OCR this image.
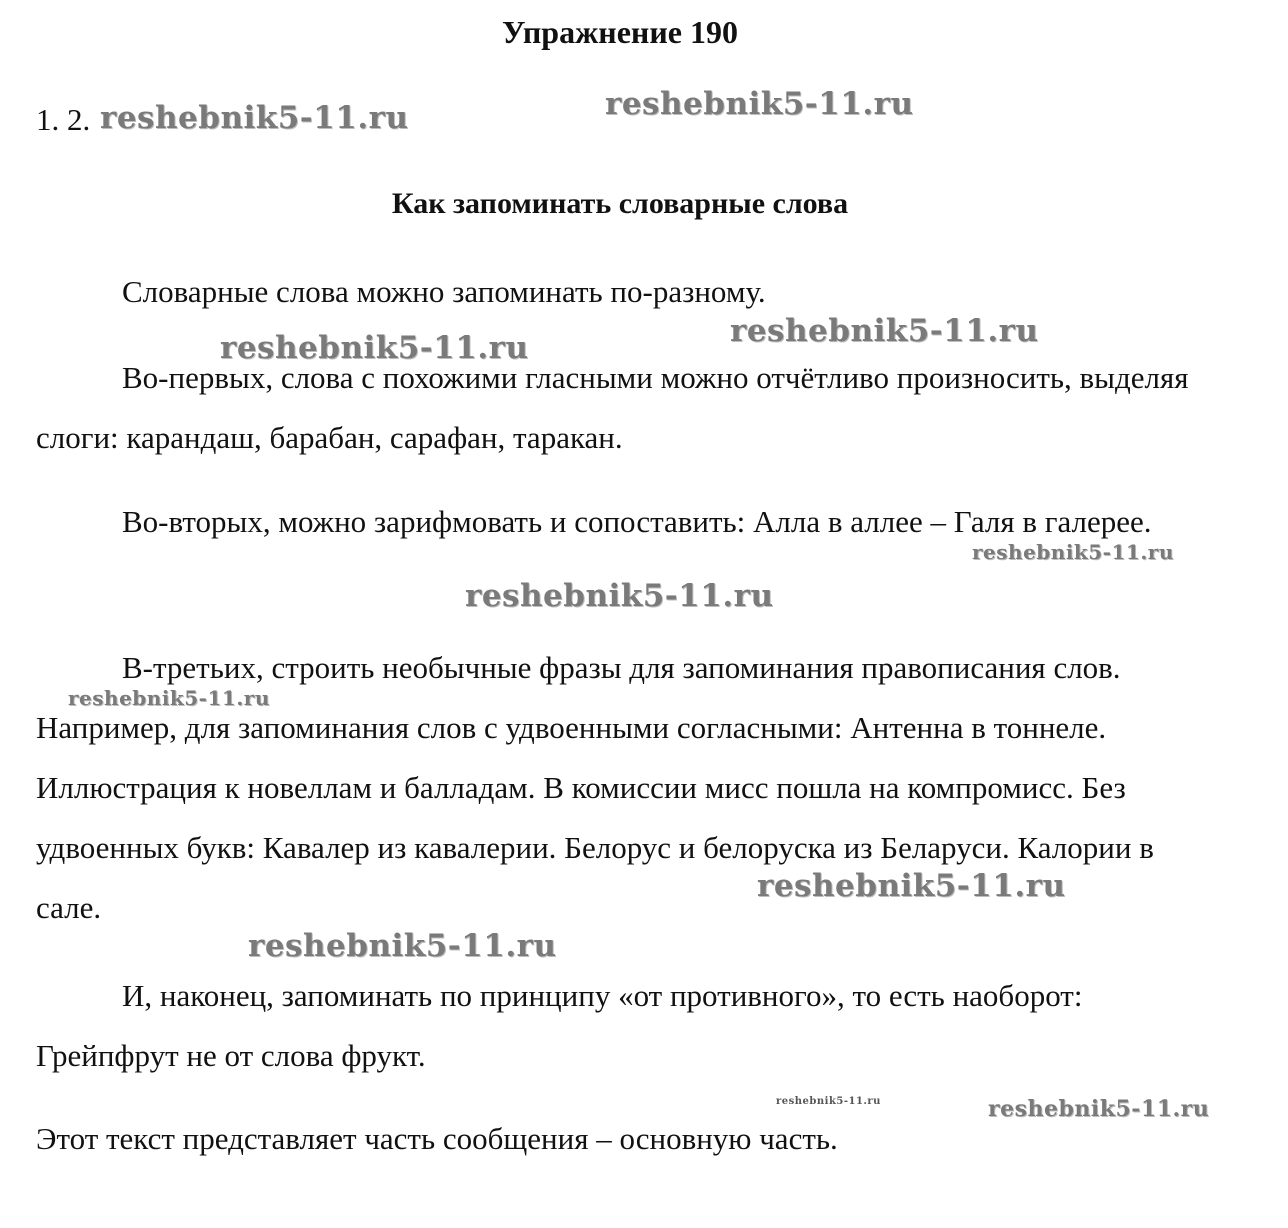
Упражнение 190
1. 2.
Как запоминать словарные слова

Словарные слова можно запоминать по-разному.

Во-первых, слова с похожими гласными можно отчётливо произносить, выделяя слоги: карандаш, барабан, сарафан, таракан.

Во-вторых, можно зарифмовать и сопоставить: Алла в аллее – Галя в галерее.

В-третьих, строить необычные фразы для запоминания правописания слов. Например, для запоминания слов с удвоенными согласными: Антенна в тоннеле. Иллюстрация к новеллам и балладам. В комиссии мисс пошла на компромисс. Без удвоенных букв: Кавалер из кавалерии. Белорус и белоруска из Беларуси. Калории в сале.

И, наконец, запоминать по принципу «от противного», то есть наоборот: Грейпфрут не от слова фрукт.

Этот текст представляет часть сообщения – основную часть.
reshebnik5-11.ru	reshebnik5-11.ru
reshebnik5-11.ru	reshebnik5-11.ru
reshebnik5-11.ru
reshebnik5-11.ru
reshebnik5-11.ru
reshebnik5-11.ru
reshebnik5-11.ru
reshebnik5-11.ru	reshebnik5-11.ru
